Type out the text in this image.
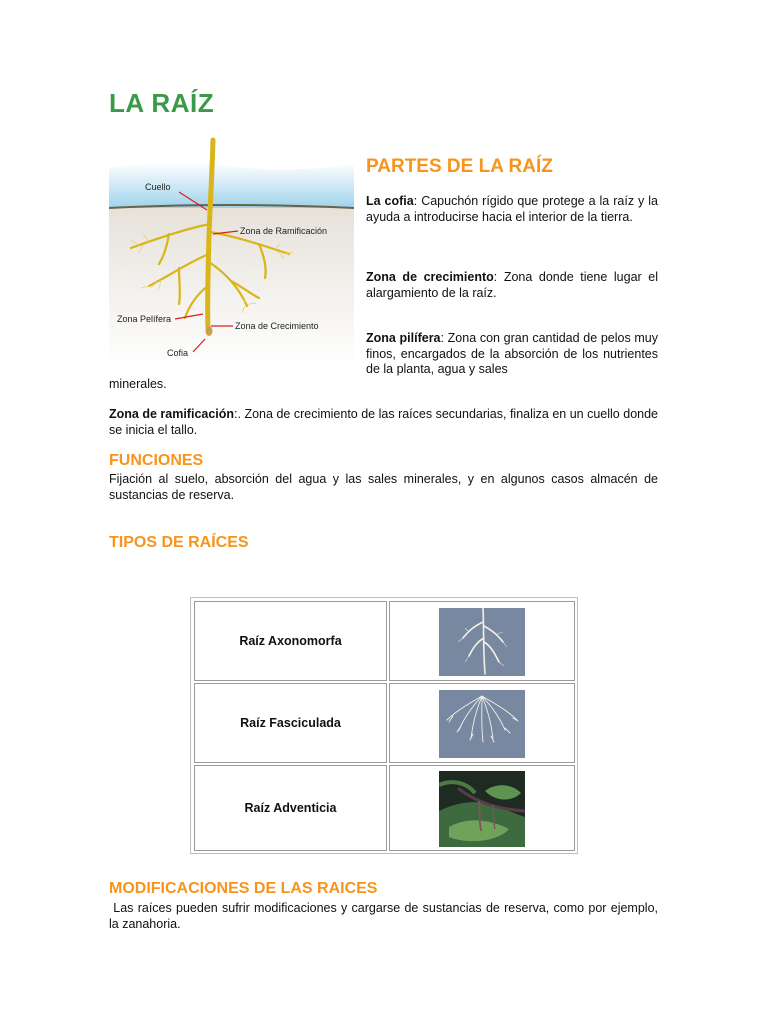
LA RAÍZ
Cuello
Zona de Ramificación
Zona Pelífera
Zona de Crecimiento
Cofia
PARTES DE LA RAÍZ
La cofia: Capuchón rígido que protege a la raíz y la ayuda a introducirse hacia el interior de la tierra.
Zona de crecimiento: Zona donde tiene lugar el alargamiento de la raíz.
Zona pilífera: Zona con gran cantidad de pelos muy finos, encargados de la absorción de los nutrientes de la planta, agua y sales
minerales.
Zona de ramificación:. Zona de crecimiento de las raíces secundarias, finaliza en un cuello donde se inicia el tallo.
FUNCIONES
Fijación al suelo, absorción del agua y las sales minerales, y en algunos casos almacén de sustancias de reserva.
TIPOS DE RAÍCES
Raíz Axonomorfa
Raíz Fasciculada
Raíz Adventicia
MODIFICACIONES DE LAS RAICES
Las raíces pueden sufrir modificaciones y cargarse de sustancias de reserva, como por ejemplo, la zanahoria.
